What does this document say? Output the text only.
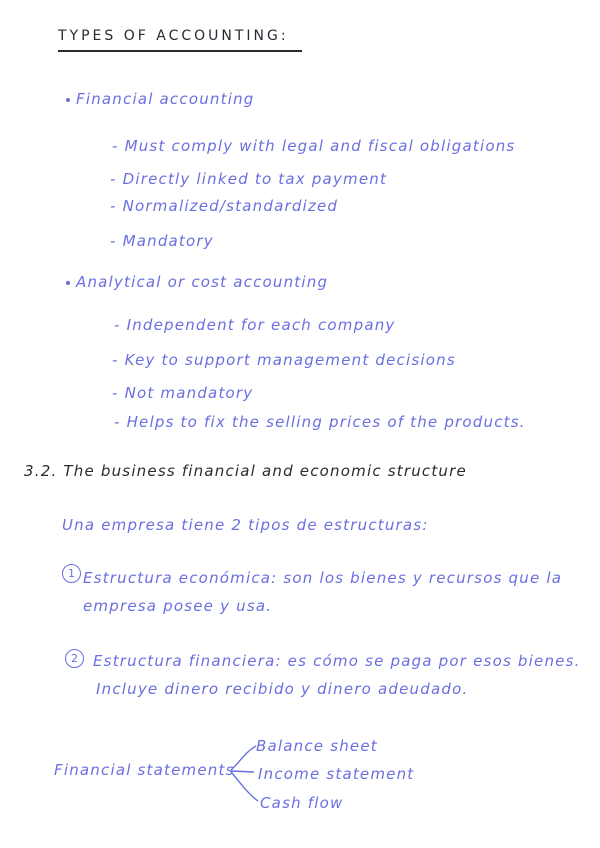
TYPES OF ACCOUNTING:
Financial accounting
- Must comply with legal and fiscal obligations
- Directly linked to tax payment
- Normalized/standardized
- Mandatory
Analytical or cost accounting
- Independent for each company
- Key to support management decisions
- Not mandatory
- Helps to fix the selling prices of the products.
3.2. The business financial and economic structure
Una empresa tiene 2 tipos de estructuras:
1 Estructura económica: son los bienes y recursos que la
empresa posee y usa.
2	Estructura financiera: es cómo se paga por esos bienes.
Incluye dinero recibido y dinero adeudado.
Financial statements
Balance sheet
Income statement
Cash flow
